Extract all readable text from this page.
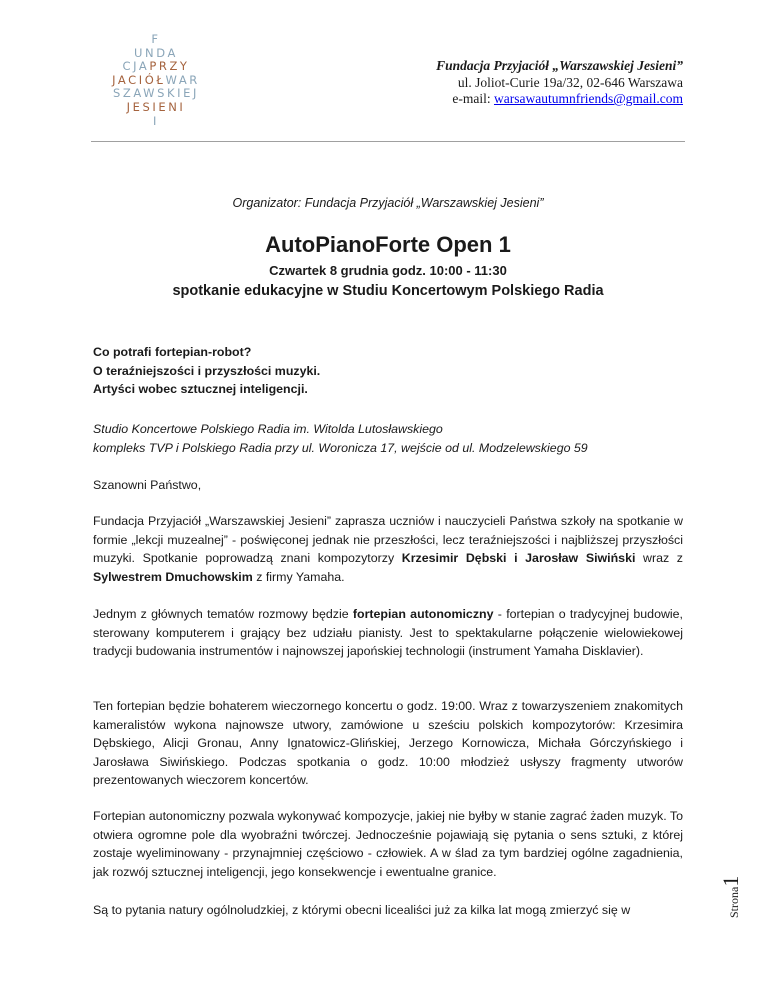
F
UNDA
CJAPRZY
JACIÓŁWAR
SZAWSKIEJ
JESIENI
I
Fundacja Przyjaciół „Warszawskiej Jesieni”
ul. Joliot-Curie 19a/32, 02-646 Warszawa
e-mail: warsawautumnfriends@gmail.com
Organizator: Fundacja Przyjaciół „Warszawskiej Jesieni”
AutoPianoForte Open 1
Czwartek 8 grudnia godz. 10:00 - 11:30
spotkanie edukacyjne w Studiu Koncertowym Polskiego Radia
Co potrafi fortepian-robot?
O teraźniejszości i przyszłości muzyki.
Artyści wobec sztucznej inteligencji.
Studio Koncertowe Polskiego Radia im. Witolda Lutosławskiego
kompleks TVP i Polskiego Radia przy ul. Woronicza 17, wejście od ul. Modzelewskiego 59
Szanowni Państwo,
Fundacja Przyjaciół „Warszawskiej Jesieni” zaprasza uczniów i nauczycieli Państwa szkoły na spotkanie w formie „lekcji muzealnej” - poświęconej jednak nie przeszłości, lecz teraźniejszości i najbliższej przyszłości muzyki. Spotkanie poprowadzą znani kompozytorzy Krzesimir Dębski i Jarosław Siwiński wraz z Sylwestrem Dmuchowskim z firmy Yamaha.
Jednym z głównych tematów rozmowy będzie fortepian autonomiczny - fortepian o tradycyjnej budowie, sterowany komputerem i grający bez udziału pianisty. Jest to spektakularne połączenie wielowiekowej tradycji budowania instrumentów i najnowszej japońskiej technologii (instrument Yamaha Disklavier).
Ten fortepian będzie bohaterem wieczornego koncertu o godz. 19:00. Wraz z towarzyszeniem znakomitych kameralistów wykona najnowsze utwory, zamówione u sześciu polskich kompozytorów: Krzesimira Dębskiego, Alicji Gronau, Anny Ignatowicz-Glińskiej, Jerzego Kornowicza, Michała Górczyńskiego i Jarosława Siwińskiego. Podczas spotkania o godz. 10:00 młodzież usłyszy fragmenty utworów prezentowanych wieczorem koncertów.
Fortepian autonomiczny pozwala wykonywać kompozycje, jakiej nie byłby w stanie zagrać żaden muzyk. To otwiera ogromne pole dla wyobraźni twórczej. Jednocześnie pojawiają się pytania o sens sztuki, z której zostaje wyeliminowany - przynajmniej częściowo - człowiek. A w ślad za tym bardziej ogólne zagadnienia, jak rozwój sztucznej inteligencji, jego konsekwencje i ewentualne granice.
Są to pytania natury ogólnoludzkiej, z którymi obecni licealiści już za kilka lat mogą zmierzyć się w	Strona1
